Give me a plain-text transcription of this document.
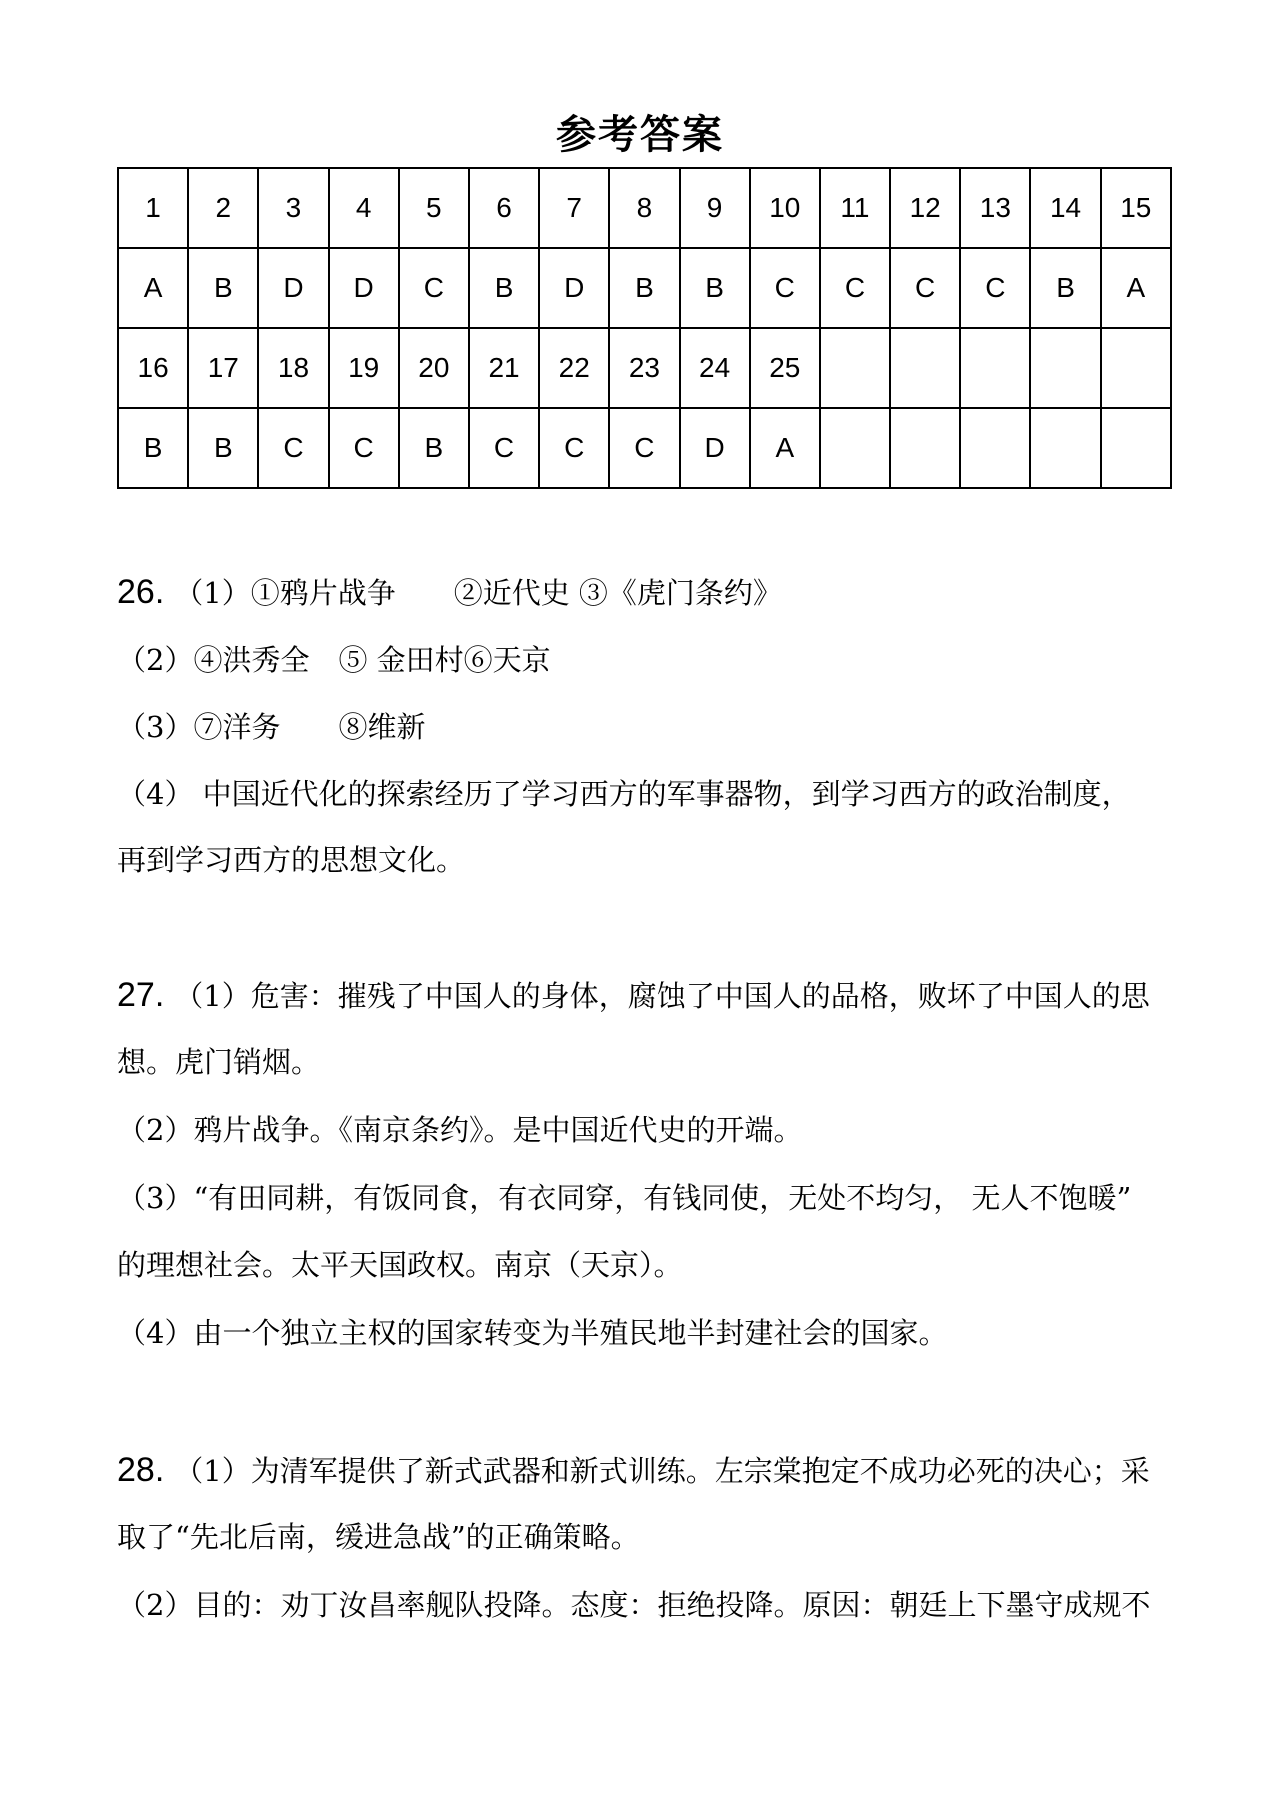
参考答案
1	2	3	4	5	6	7	8	9	10	11	12	13	14	15
A	B	D	D	C	B	D	B	B	C	C	C	C	B	A
16	17	18	19	20	21	22	23	24	25					
B	B	C	C	B	C	C	C	D	A					
26. （1）①鸦片战争　　②近代史 ③《虎门条约》
（2）④洪秀全　⑤ 金田村⑥天京
（3）⑦洋务　　⑧维新
（4） 中国近代化的探索经历了学习西方的军事器物，到学习西方的政治制度，
再到学习西方的思想文化。
27. （1）危害：摧残了中国人的身体，腐蚀了中国人的品格，败坏了中国人的思
想。虎门销烟。
（2）鸦片战争。《南京条约》。是中国近代史的开端。
（3）“有田同耕，有饭同食，有衣同穿，有钱同使，无处不均匀， 无人不饱暖”
的理想社会。太平天国政权。南京（天京）。
（4）由一个独立主权的国家转变为半殖民地半封建社会的国家。
28. （1）为清军提供了新式武器和新式训练。左宗棠抱定不成功必死的决心；采
取了“先北后南，缓进急战”的正确策略。
（2）目的：劝丁汝昌率舰队投降。态度：拒绝投降。原因：朝廷上下墨守成规不
